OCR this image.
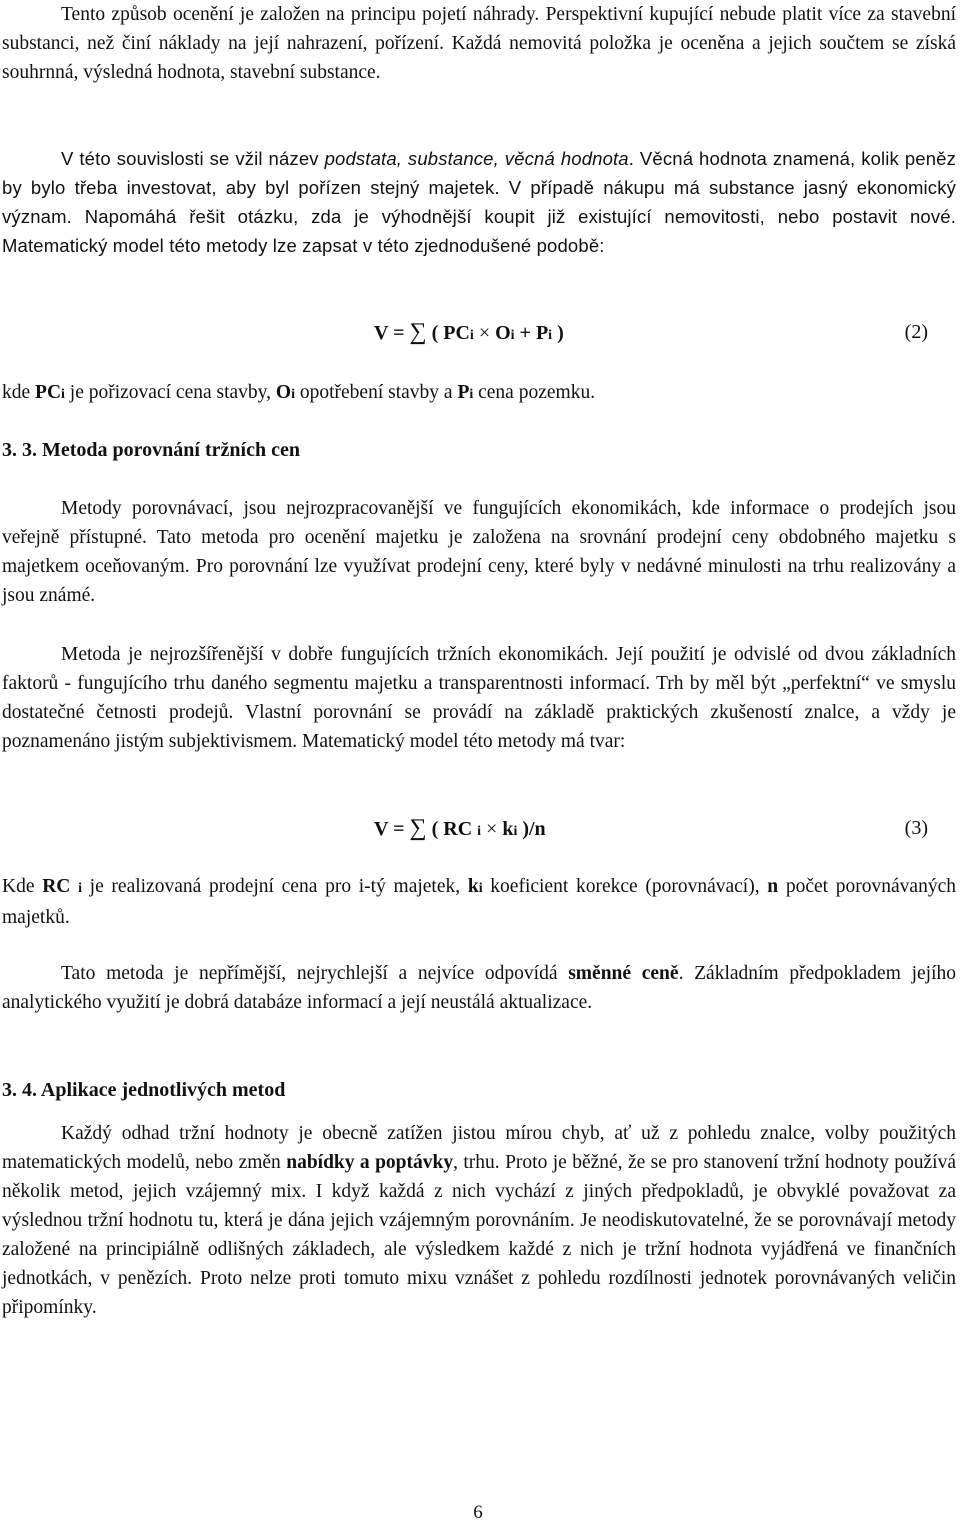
Tento způsob ocenění je založen na principu pojetí náhrady. Perspektivní kupující nebude platit více za stavební substanci, než činí náklady na její nahrazení, pořízení. Každá nemovitá položka je oceněna a jejich součtem se získá souhrnná, výsledná hodnota, stavební substance.

V této souvislosti se vžil název podstata, substance, věcná hodnota. Věcná hodnota znamená, kolik peněz by bylo třeba investovat, aby byl pořízen stejný majetek. V případě nákupu má substance jasný ekonomický význam. Napomáhá řešit otázku, zda je výhodnější koupit již existující nemovitosti, nebo postavit nové. Matematický model této metody lze zapsat v této zjednodušené podobě:

V = ∑ ( PCi × Oi + Pi )	(2)

kde PCi je pořizovací cena stavby, Oi opotřebení stavby a Pi cena pozemku.

3. 3. Metoda porovnání tržních cen

Metody porovnávací, jsou nejrozpracovanější ve fungujících ekonomikách, kde informace o prodejích jsou veřejně přístupné. Tato metoda pro ocenění majetku je založena na srovnání prodejní ceny obdobného majetku s majetkem oceňovaným. Pro porovnání lze využívat prodejní ceny, které byly v nedávné minulosti na trhu realizovány a jsou známé.

Metoda je nejrozšířenější v dobře fungujících tržních ekonomikách. Její použití je odvislé od dvou základních faktorů - fungujícího trhu daného segmentu majetku a transparentnosti informací. Trh by měl být „perfektní“ ve smyslu dostatečné četnosti prodejů. Vlastní porovnání se provádí na základě praktických zkušeností znalce, a vždy je poznamenáno jistým subjektivismem. Matematický model této metody má tvar:

V = ∑ ( RC i × ki )/n	(3)

Kde RC i je realizovaná prodejní cena pro i-tý majetek, ki koeficient korekce (porovnávací), n počet porovnávaných majetků.

Tato metoda je nepřímější, nejrychlejší a nejvíce odpovídá směnné ceně. Základním předpokladem jejího analytického využití je dobrá databáze informací a její neustálá aktualizace.

3. 4. Aplikace jednotlivých metod

Každý odhad tržní hodnoty je obecně zatížen jistou mírou chyb, ať už z pohledu znalce, volby použitých matematických modelů, nebo změn nabídky a poptávky, trhu. Proto je běžné, že se pro stanovení tržní hodnoty používá několik metod, jejich vzájemný mix. I když každá z nich vychází z jiných předpokladů, je obvyklé považovat za výslednou tržní hodnotu tu, která je dána jejich vzájemným porovnáním. Je neodiskutovatelné, že se porovnávají metody založené na principiálně odlišných základech, ale výsledkem každé z nich je tržní hodnota vyjádřená ve finančních jednotkách, v penězích. Proto nelze proti tomuto mixu vznášet z pohledu rozdílnosti jednotek porovnávaných veličin připomínky.

6
